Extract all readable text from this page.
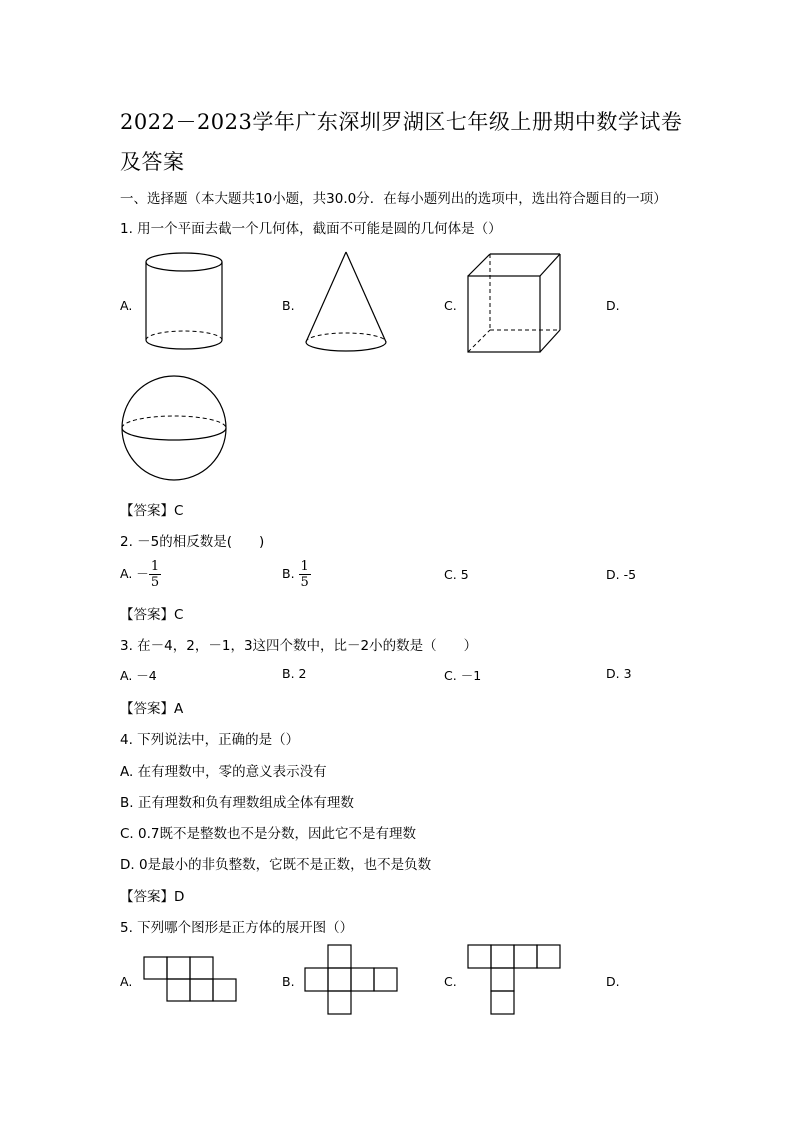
2022－2023学年广东深圳罗湖区七年级上册期中数学试卷
及答案
一、选择题（本大题共10小题，共30.0分．在每小题列出的选项中，选出符合题目的一项）
1. 用一个平面去截一个几何体，截面不可能是圆的几何体是（）
A.	B.	C.	D.
【答案】C
2. －5的相反数是(　　)
A. － $\frac{1}{5}$	B. $\frac{1}{5}$	C. 5	D. -5
【答案】C
3. 在－4，2，－1，3这四个数中，比－2小的数是（　　）
A. －4	B. 2	C. －1	D. 3
【答案】A
4. 下列说法中，正确的是（）
A. 在有理数中，零的意义表示没有
B. 正有理数和负有理数组成全体有理数
C. 0.7既不是整数也不是分数，因此它不是有理数
D. 0是最小的非负整数，它既不是正数，也不是负数
【答案】D
5. 下列哪个图形是正方体的展开图（）
A.	B.	C.	D.
